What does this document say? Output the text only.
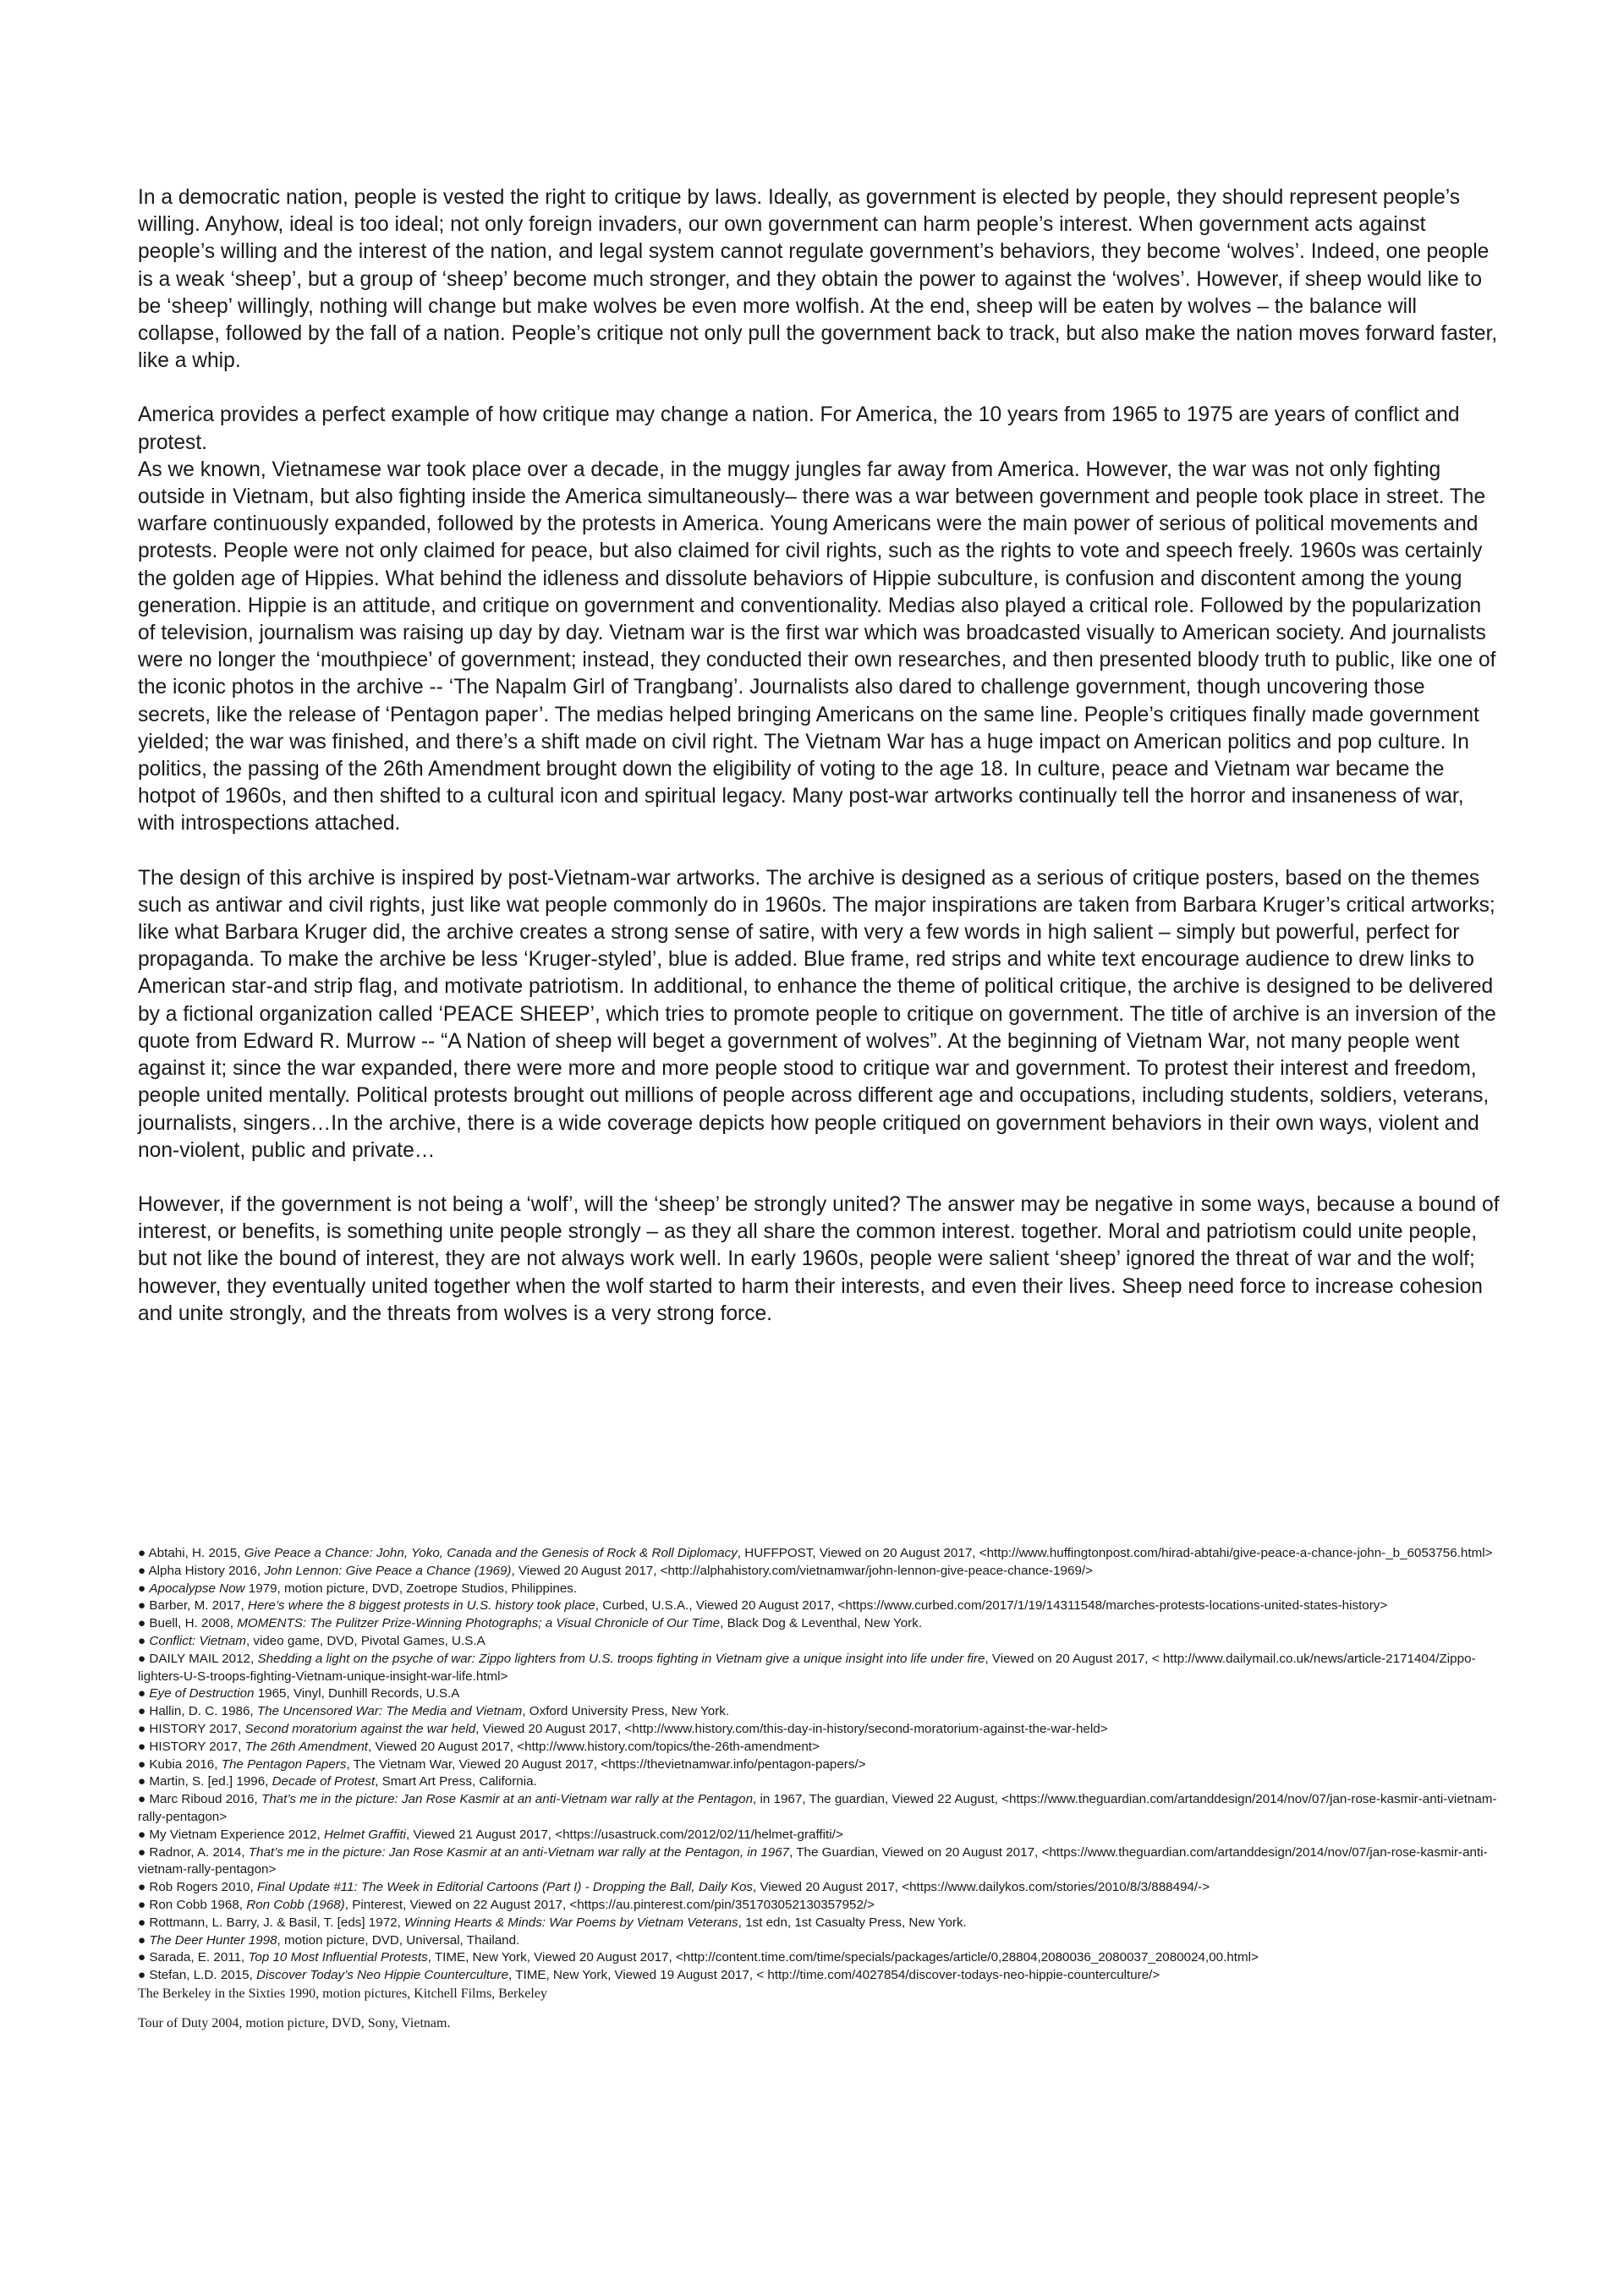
In a democratic nation, people is vested the right to critique by laws. Ideally, as government is elected by people, they should represent people’s willing. Anyhow, ideal is too ideal; not only foreign invaders, our own government can harm people’s interest. When government acts against people’s willing and the interest of the nation, and legal system cannot regulate government’s behaviors, they become ‘wolves’. Indeed, one people is a weak ‘sheep’, but a group of ‘sheep’ become much stronger, and they obtain the power to against the ‘wolves’. However, if sheep would like to be ‘sheep’ willingly, nothing will change but make wolves be even more wolfish. At the end, sheep will be eaten by wolves – the balance will collapse, followed by the fall of a nation. People’s critique not only pull the government back to track, but also make the nation moves forward faster, like a whip.

America provides a perfect example of how critique may change a nation. For America, the 10 years from 1965 to 1975 are years of conflict and protest.

As we known, Vietnamese war took place over a decade, in the muggy jungles far away from America. However, the war was not only fighting outside in Vietnam, but also fighting inside the America simultaneously– there was a war between government and people took place in street. The warfare continuously expanded, followed by the protests in America. Young Americans were the main power of serious of political movements and protests. People were not only claimed for peace, but also claimed for civil rights, such as the rights to vote and speech freely. 1960s was certainly the golden age of Hippies. What behind the idleness and dissolute behaviors of Hippie subculture, is confusion and discontent among the young generation. Hippie is an attitude, and critique on government and conventionality. Medias also played a critical role. Followed by the popularization of television, journalism was raising up day by day. Vietnam war is the first war which was broadcasted visually to American society. And journalists were no longer the ‘mouthpiece’ of government; instead, they conducted their own researches, and then presented bloody truth to public, like one of the iconic photos in the archive -- ‘The Napalm Girl of Trangbang’. Journalists also dared to challenge government, though uncovering those secrets, like the release of ‘Pentagon paper’. The medias helped bringing Americans on the same line. People’s critiques finally made government yielded; the war was finished, and there’s a shift made on civil right. The Vietnam War has a huge impact on American politics and pop culture. In politics, the passing of the 26th Amendment brought down the eligibility of voting to the age 18. In culture, peace and Vietnam war became the hotpot of 1960s, and then shifted to a cultural icon and spiritual legacy. Many post-war artworks continually tell the horror and insaneness of war, with introspections attached.

The design of this archive is inspired by post-Vietnam-war artworks. The archive is designed as a serious of critique posters, based on the themes such as antiwar and civil rights, just like wat people commonly do in 1960s. The major inspirations are taken from Barbara Kruger’s critical artworks; like what Barbara Kruger did, the archive creates a strong sense of satire, with very a few words in high salient – simply but powerful, perfect for propaganda. To make the archive be less ‘Kruger-styled’, blue is added. Blue frame, red strips and white text encourage audience to drew links to American star-and strip flag, and motivate patriotism. In additional, to enhance the theme of political critique, the archive is designed to be delivered by a fictional organization called ‘PEACE SHEEP’, which tries to promote people to critique on government. The title of archive is an inversion of the quote from Edward R. Murrow -- “A Nation of sheep will beget a government of wolves”. At the beginning of Vietnam War, not many people went against it; since the war expanded, there were more and more people stood to critique war and government. To protest their interest and freedom, people united mentally. Political protests brought out millions of people across different age and occupations, including students, soldiers, veterans, journalists, singers…In the archive, there is a wide coverage depicts how people critiqued on government behaviors in their own ways, violent and non-violent, public and private…

However, if the government is not being a ‘wolf’, will the ‘sheep’ be strongly united? The answer may be negative in some ways, because a bound of interest, or benefits, is something unite people strongly – as they all share the common interest. together. Moral and patriotism could unite people, but not like the bound of interest, they are not always work well. In early 1960s, people were salient ‘sheep’ ignored the threat of war and the wolf; however, they eventually united together when the wolf started to harm their interests, and even their lives. Sheep need force to increase cohesion and unite strongly, and the threats from wolves is a very strong force.

● Abtahi, H. 2015, Give Peace a Chance: John, Yoko, Canada and the Genesis of Rock & Roll Diplomacy, HUFFPOST, Viewed on 20 August 2017, <http://www.huffingtonpost.com/hirad-abtahi/give-peace-a-chance-john-_b_6053756.html>

● Alpha History 2016, John Lennon: Give Peace a Chance (1969), Viewed 20 August 2017, <http://alphahistory.com/vietnamwar/john-lennon-give-peace-chance-1969/>

● Apocalypse Now 1979, motion picture, DVD, Zoetrope Studios, Philippines.

● Barber, M. 2017, Here’s where the 8 biggest protests in U.S. history took place, Curbed, U.S.A., Viewed 20 August 2017, <https://www.curbed.com/2017/1/19/14311548/marches-protests-locations-united-states-history>

● Buell, H. 2008, MOMENTS: The Pulitzer Prize-Winning Photographs; a Visual Chronicle of Our Time, Black Dog & Leventhal, New York.

● Conflict: Vietnam, video game, DVD, Pivotal Games, U.S.A

● DAILY MAIL 2012, Shedding a light on the psyche of war: Zippo lighters from U.S. troops fighting in Vietnam give a unique insight into life under fire, Viewed on 20 August 2017, < http://www.dailymail.co.uk/news/article-2171404/Zippo-lighters-U-S-troops-fighting-Vietnam-unique-insight-war-life.html>

● Eye of Destruction 1965, Vinyl, Dunhill Records, U.S.A

● Hallin, D. C. 1986, The Uncensored War: The Media and Vietnam, Oxford University Press, New York.

● HISTORY 2017, Second moratorium against the war held, Viewed 20 August 2017, <http://www.history.com/this-day-in-history/second-moratorium-against-the-war-held>

● HISTORY 2017, The 26th Amendment, Viewed 20 August 2017, <http://www.history.com/topics/the-26th-amendment>

● Kubia 2016, The Pentagon Papers, The Vietnam War, Viewed 20 August 2017, <https://thevietnamwar.info/pentagon-papers/>

● Martin, S. [ed.] 1996, Decade of Protest, Smart Art Press, California.

● Marc Riboud 2016, That’s me in the picture: Jan Rose Kasmir at an anti-Vietnam war rally at the Pentagon, in 1967, The guardian, Viewed 22 August, <https://www.theguardian.com/artanddesign/2014/nov/07/jan-rose-kasmir-anti-vietnam-rally-pentagon>

● My Vietnam Experience 2012, Helmet Graffiti, Viewed 21 August 2017, <https://usastruck.com/2012/02/11/helmet-graffiti/>

● Radnor, A. 2014, That’s me in the picture: Jan Rose Kasmir at an anti-Vietnam war rally at the Pentagon, in 1967, The Guardian, Viewed on 20 August 2017, <https://www.theguardian.com/artanddesign/2014/nov/07/jan-rose-kasmir-anti-vietnam-rally-pentagon>

● Rob Rogers 2010, Final Update #11: The Week in Editorial Cartoons (Part I) - Dropping the Ball, Daily Kos, Viewed 20 August 2017, <https://www.dailykos.com/stories/2010/8/3/888494/->

● Ron Cobb 1968, Ron Cobb (1968), Pinterest, Viewed on 22 August 2017, <https://au.pinterest.com/pin/351703052130357952/>

● Rottmann, L. Barry, J. & Basil, T. [eds] 1972, Winning Hearts & Minds: War Poems by Vietnam Veterans, 1st edn, 1st Casualty Press, New York.

● The Deer Hunter 1998, motion picture, DVD, Universal, Thailand.

● Sarada, E. 2011, Top 10 Most Influential Protests, TIME, New York, Viewed 20 August 2017, <http://content.time.com/time/specials/packages/article/0,28804,2080036_2080037_2080024,00.html>

● Stefan, L.D. 2015, Discover Today’s Neo Hippie Counterculture, TIME, New York, Viewed 19 August 2017, < http://time.com/4027854/discover-todays-neo-hippie-counterculture/>

The Berkeley in the Sixties 1990, motion pictures, Kitchell Films, Berkeley

Tour of Duty 2004, motion picture, DVD, Sony, Vietnam.
